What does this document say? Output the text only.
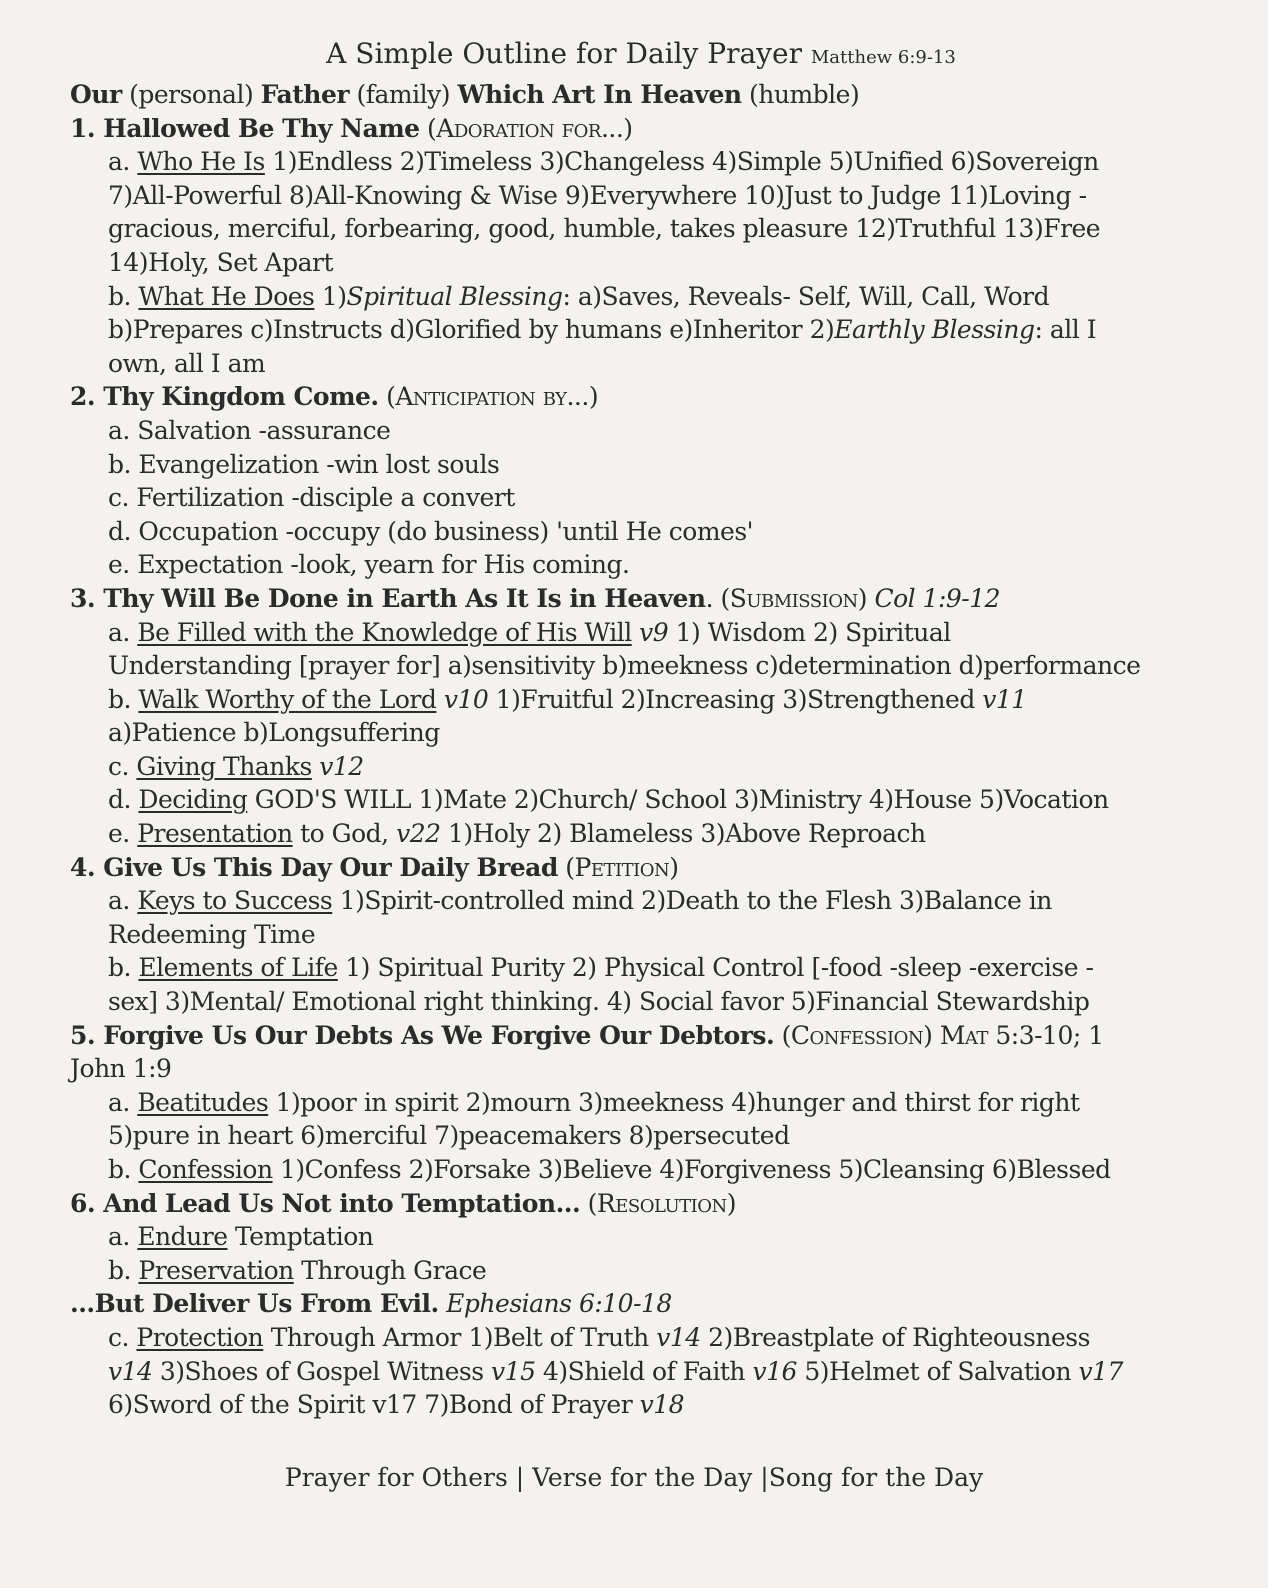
A Simple Outline for Daily Prayer Matthew 6:9-13
Our (personal) Father (family) Which Art In Heaven (humble)
1. Hallowed Be Thy Name (Adoration for...)
a. Who He Is 1)Endless 2)Timeless 3)Changeless 4)Simple 5)Unified 6)Sovereign
7)All-Powerful 8)All-Knowing & Wise 9)Everywhere 10)Just to Judge 11)Loving -
gracious, merciful, forbearing, good, humble, takes pleasure 12)Truthful 13)Free
14)Holy, Set Apart
b. What He Does 1)Spiritual Blessing: a)Saves, Reveals- Self, Will, Call, Word
b)Prepares c)Instructs d)Glorified by humans e)Inheritor 2)Earthly Blessing: all I
own, all I am
2. Thy Kingdom Come. (Anticipation by...)
a. Salvation -assurance
b. Evangelization -win lost souls
c. Fertilization -disciple a convert
d. Occupation -occupy (do business) 'until He comes'
e. Expectation -look, yearn for His coming.
3. Thy Will Be Done in Earth As It Is in Heaven. (Submission) Col 1:9-12
a. Be Filled with the Knowledge of His Will v9 1) Wisdom 2) Spiritual
Understanding [prayer for] a)sensitivity b)meekness c)determination d)performance
b. Walk Worthy of the Lord v10 1)Fruitful 2)Increasing 3)Strengthened v11
a)Patience b)Longsuffering
c. Giving Thanks v12
d. Deciding GOD'S WILL 1)Mate 2)Church/ School 3)Ministry 4)House 5)Vocation
e. Presentation to God, v22 1)Holy 2) Blameless 3)Above Reproach
4. Give Us This Day Our Daily Bread (Petition)
a. Keys to Success 1)Spirit-controlled mind 2)Death to the Flesh 3)Balance in
Redeeming Time
b. Elements of Life 1) Spiritual Purity 2) Physical Control [-food -sleep -exercise -
sex] 3)Mental/ Emotional right thinking. 4) Social favor 5)Financial Stewardship
5. Forgive Us Our Debts As We Forgive Our Debtors. (Confession) Mat 5:3-10; 1
John 1:9
a. Beatitudes 1)poor in spirit 2)mourn 3)meekness 4)hunger and thirst for right
5)pure in heart 6)merciful 7)peacemakers 8)persecuted
b. Confession 1)Confess 2)Forsake 3)Believe 4)Forgiveness 5)Cleansing 6)Blessed
6. And Lead Us Not into Temptation... (Resolution)
a. Endure Temptation
b. Preservation Through Grace
...But Deliver Us From Evil. Ephesians 6:10-18
c. Protection Through Armor 1)Belt of Truth v14 2)Breastplate of Righteousness
v14 3)Shoes of Gospel Witness v15 4)Shield of Faith v16 5)Helmet of Salvation v17
6)Sword of the Spirit v17 7)Bond of Prayer v18
Prayer for Others | Verse for the Day |Song for the Day
